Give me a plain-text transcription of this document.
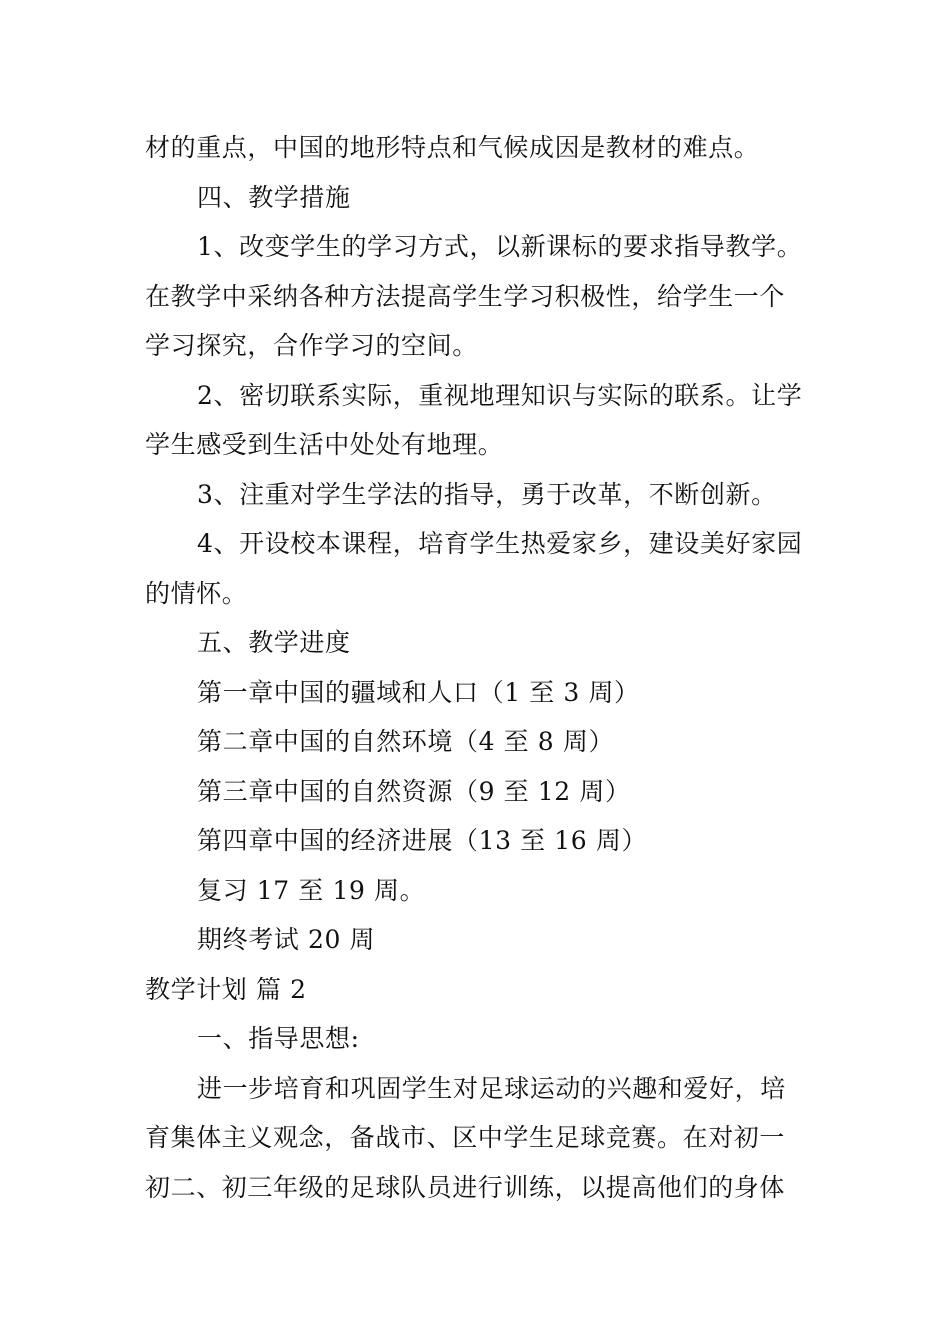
材的重点，中国的地形特点和气候成因是教材的难点。

四、教学措施

1、改变学生的学习方式，以新课标的要求指导教学。

在教学中采纳各种方法提高学生学习积极性，给学生一个

学习探究，合作学习的空间。

2、密切联系实际，重视地理知识与实际的联系。让学

学生感受到生活中处处有地理。

3、注重对学生学法的指导，勇于改革，不断创新。

4、开设校本课程，培育学生热爱家乡，建设美好家园

的情怀。

五、教学进度

第一章中国的疆域和人口（1 至 3 周）

第二章中国的自然环境（4 至 8 周）

第三章中国的自然资源（9 至 12 周）

第四章中国的经济进展（13 至 16 周）

复习 17 至 19 周。

期终考试 20 周

教学计划 篇 2

一、指导思想:

进一步培育和巩固学生对足球运动的兴趣和爱好，培

育集体主义观念，备战市、区中学生足球竞赛。在对初一

初二、初三年级的足球队员进行训练，以提高他们的身体
